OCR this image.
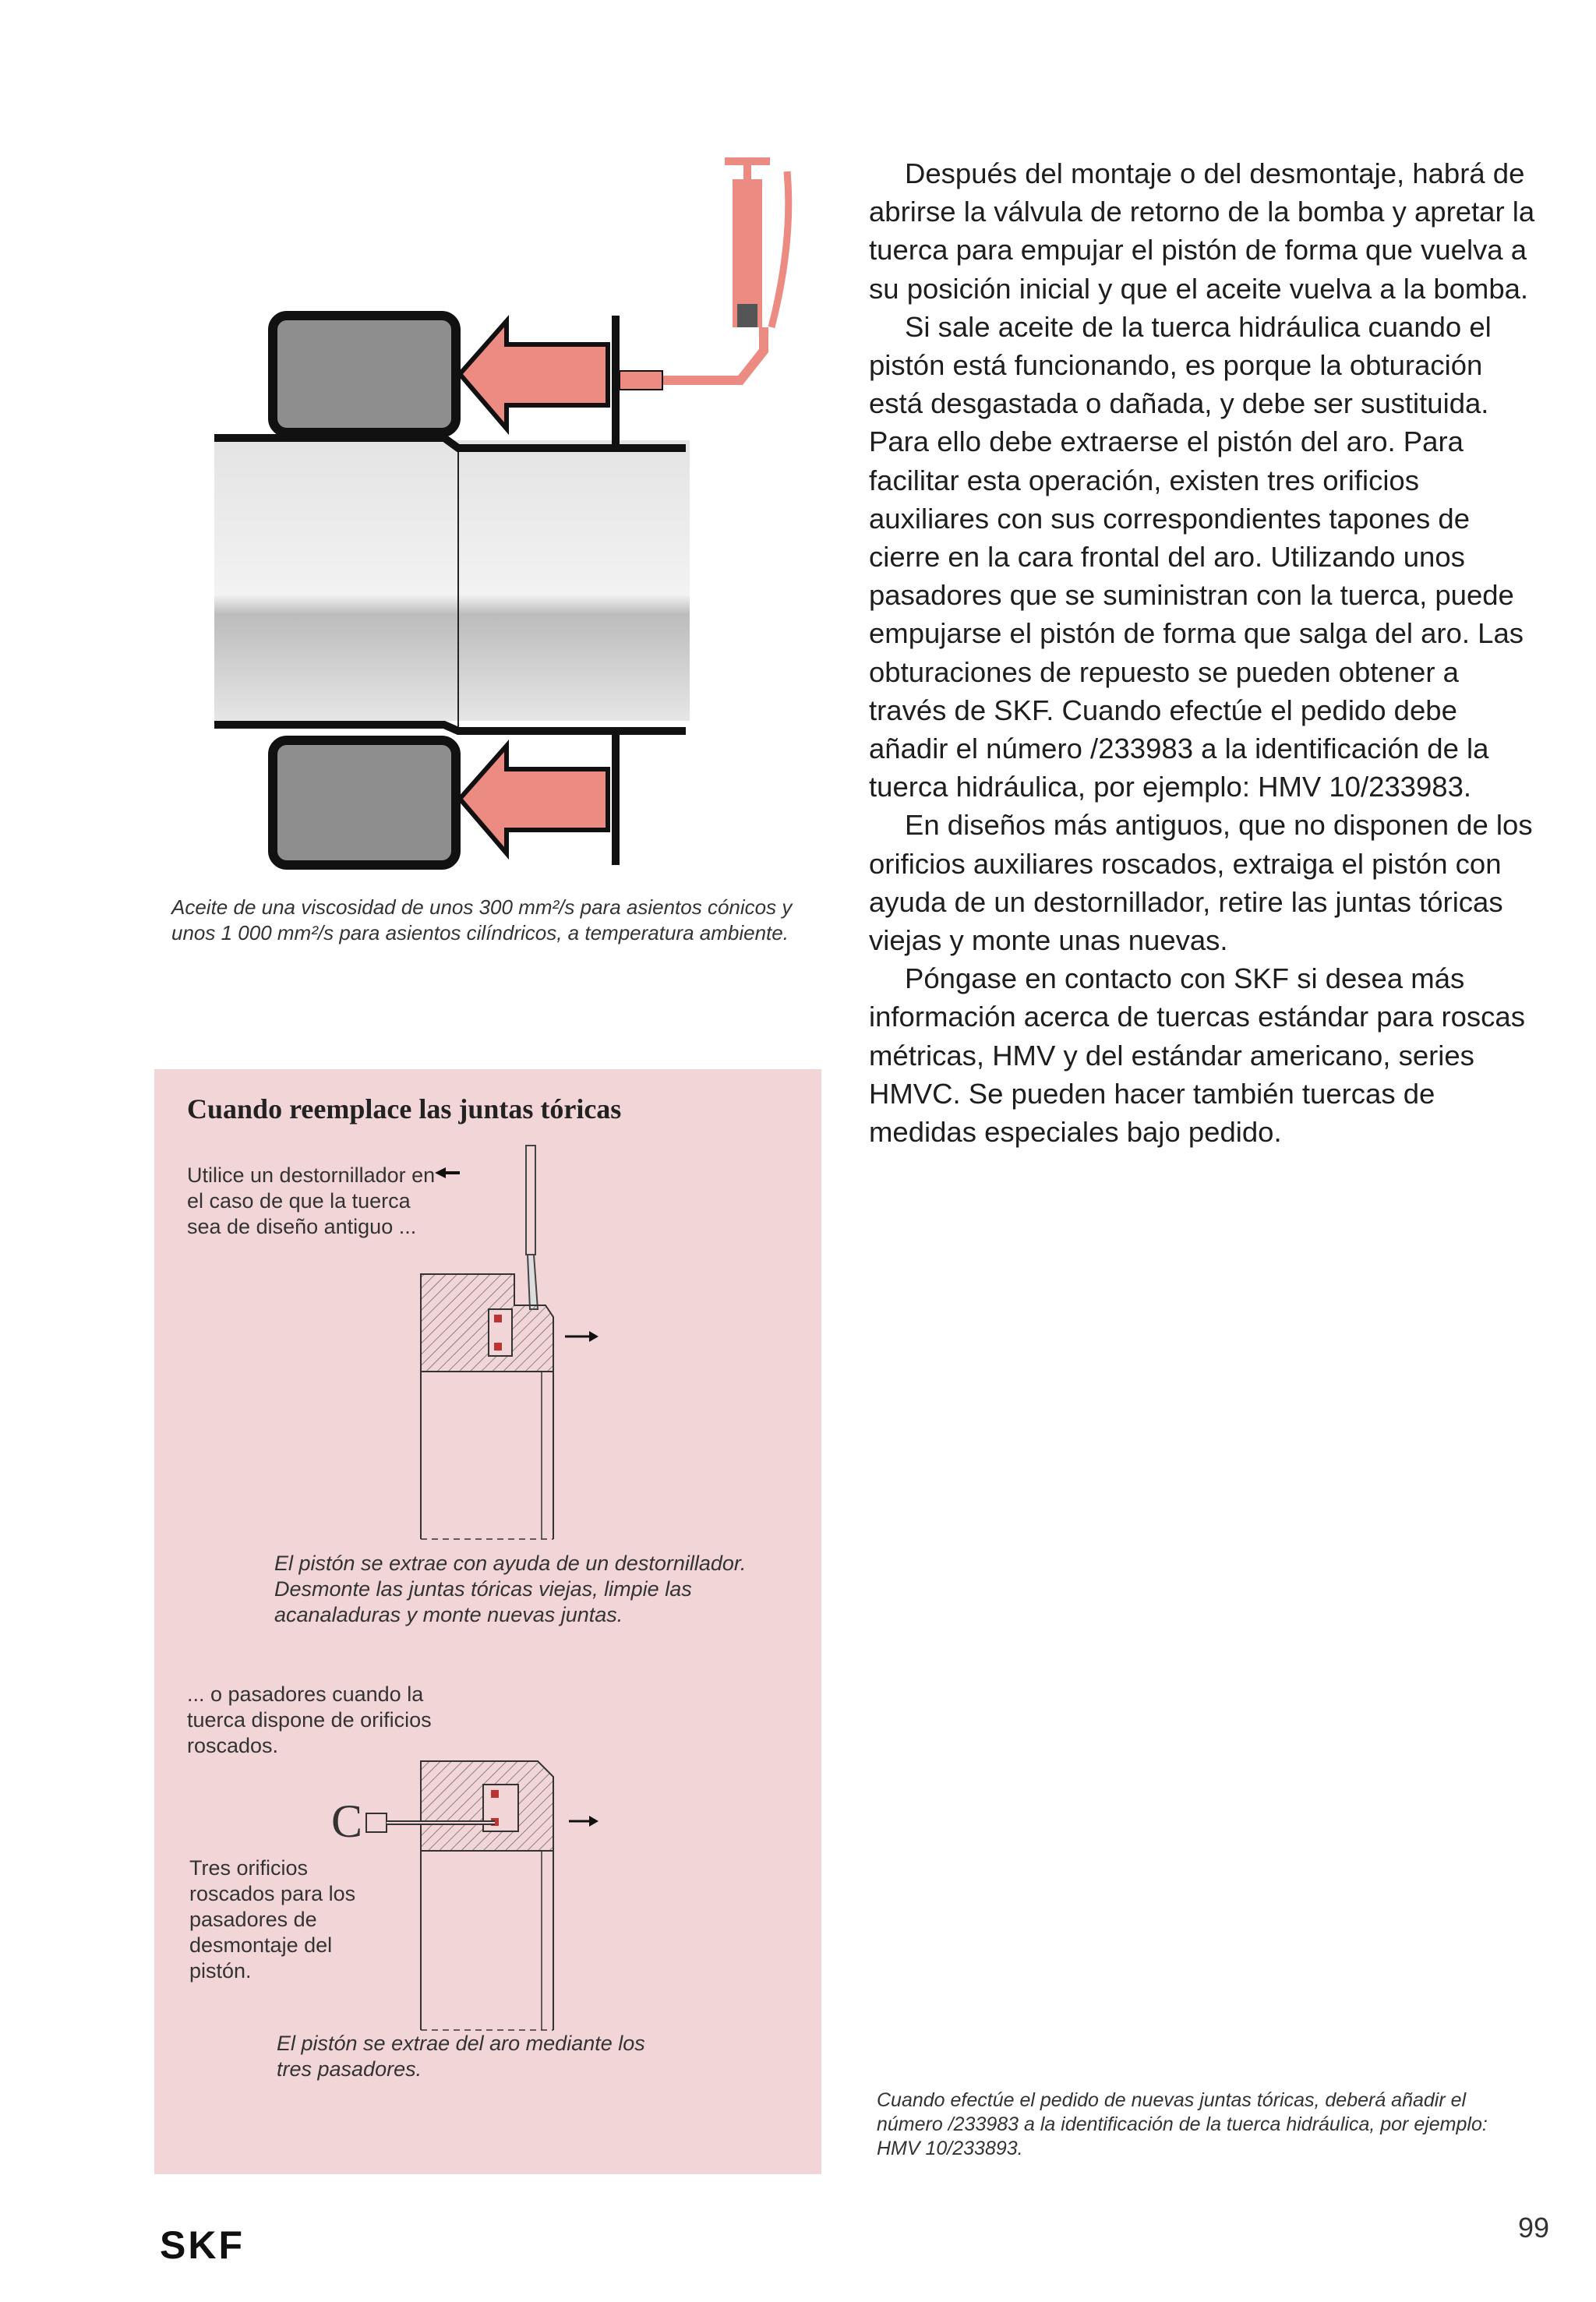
Aceite de una viscosidad de unos 300 mm²/s para asientos cónicos y unos 1 000 mm²/s para asientos cilíndricos, a temperatura ambiente.
Cuando reemplace las juntas tóricas
Utilice un destornillador en el caso de que la tuerca sea de diseño antiguo ...
El pistón se extrae con ayuda de un destornillador. Desmonte las juntas tóricas viejas, limpie las acanaladuras y monte nuevas juntas.
... o pasadores cuando la tuerca dispone de orificios roscados.
C
Tres orificios roscados para los pasadores de desmontaje del pistón.
El pistón se extrae del aro mediante los tres pasadores.

Después del montaje o del desmontaje, habrá de abrirse la válvula de retorno de la bomba y apretar la tuerca para empujar el pistón de forma que vuelva a su posición inicial y que el aceite vuelva a la bomba.

Si sale aceite de la tuerca hidráulica cuando el pistón está funcionando, es porque la obturación está desgastada o dañada, y debe ser sustituida. Para ello debe extraerse el pistón del aro. Para facilitar esta operación, existen tres orificios auxiliares con sus correspondientes tapones de cierre en la cara frontal del aro. Utilizando unos pasadores que se suministran con la tuerca, puede empujarse el pistón de forma que salga del aro. Las obturaciones de repuesto se pueden obtener a través de SKF. Cuando efectúe el pedido debe añadir el número /233983 a la identificación de la tuerca hidráulica, por ejemplo: HMV 10/233983.

En diseños más antiguos, que no disponen de los orificios auxiliares roscados, extraiga el pistón con ayuda de un destornillador, retire las juntas tóricas viejas y monte unas nuevas.

Póngase en contacto con SKF si desea más información acerca de tuercas estándar para roscas métricas, HMV y del estándar americano, series HMVC. Se pueden hacer también tuercas de medidas especiales bajo pedido.

Cuando efectúe el pedido de nuevas juntas tóricas, deberá añadir el número /233983 a la identificación de la tuerca hidráulica, por ejemplo: HMV 10/233893.
SKF	99
